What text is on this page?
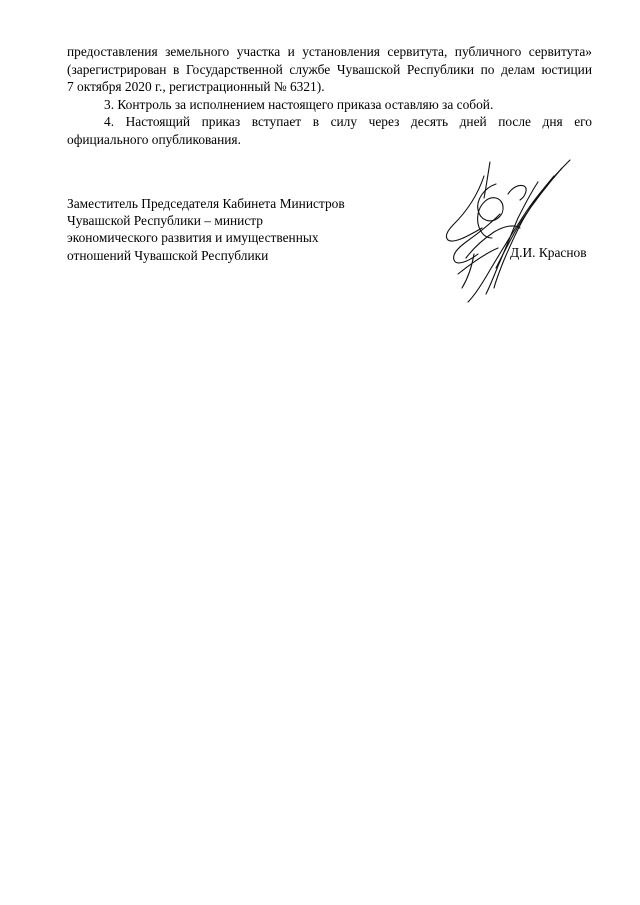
предоставления земельного участка и установления сервитута, публичного сервитута»
(зарегистрирован в Государственной службе Чувашской Республики по делам юстиции
7 октября 2020 г., регистрационный № 6321).

3. Контроль за исполнением настоящего приказа оставляю за собой.

4. Настоящий приказ вступает в силу через десять дней после дня его
официального опубликования.

Заместитель Председателя Кабинета Министров
Чувашской Республики – министр
экономического развития и имущественных
отношений Чувашской Республики	Д.И. Краснов
